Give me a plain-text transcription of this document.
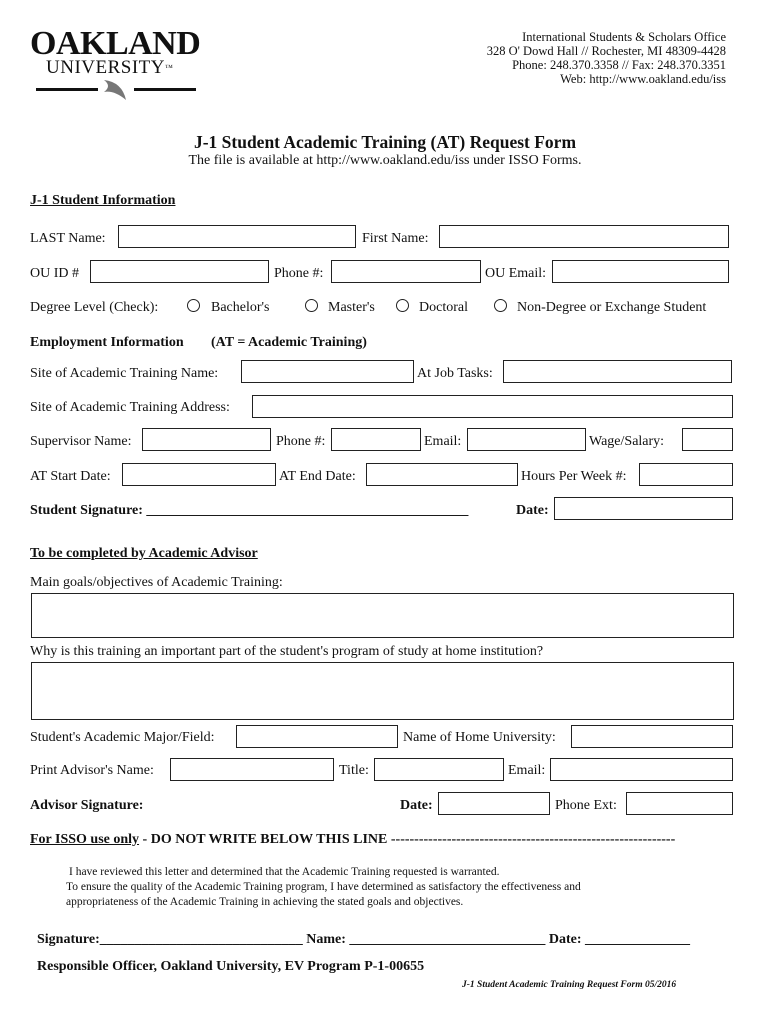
OAKLAND
UNIVERSITY™
International Students & Scholars Office
328 O' Dowd Hall // Rochester, MI 48309-4428
Phone: 248.370.3358 // Fax: 248.370.3351
Web: http://www.oakland.edu/iss
J-1 Student Academic Training (AT) Request Form
The file is available at http://www.oakland.edu/iss under ISSO Forms.
J-1 Student Information
LAST Name:	First Name:
OU ID #	Phone #:	OU Email:
Degree Level (Check):	Bachelor's	Master's	Doctoral	Non-Degree or Exchange Student
Employment Information (AT = Academic Training)
Site of Academic Training Name:	At Job Tasks:
Site of Academic Training Address:
Supervisor Name:	Phone #:	Email:	Wage/Salary:
AT Start Date:	AT End Date:	Hours Per Week #:
Student Signature: ______________________________________________	Date:
To be completed by Academic Advisor
Main goals/objectives of Academic Training:
Why is this training an important part of the student's program of study at home institution?
Student's Academic Major/Field:	Name of Home University:
Print Advisor's Name:	Title:	Email:
Advisor Signature:	Date:	Phone Ext:
For ISSO use only - DO NOT WRITE BELOW THIS LINE -------------------------------------------------------------
I have reviewed this letter and determined that the Academic Training requested is warranted.
To ensure the quality of the Academic Training program, I have determined as satisfactory the effectiveness and
appropriateness of the Academic Training in achieving the stated goals and objectives.
Signature:_____________________________ Name: ____________________________ Date: _______________
Responsible Officer, Oakland University, EV Program P-1-00655
J-1 Student Academic Training Request Form 05/2016
